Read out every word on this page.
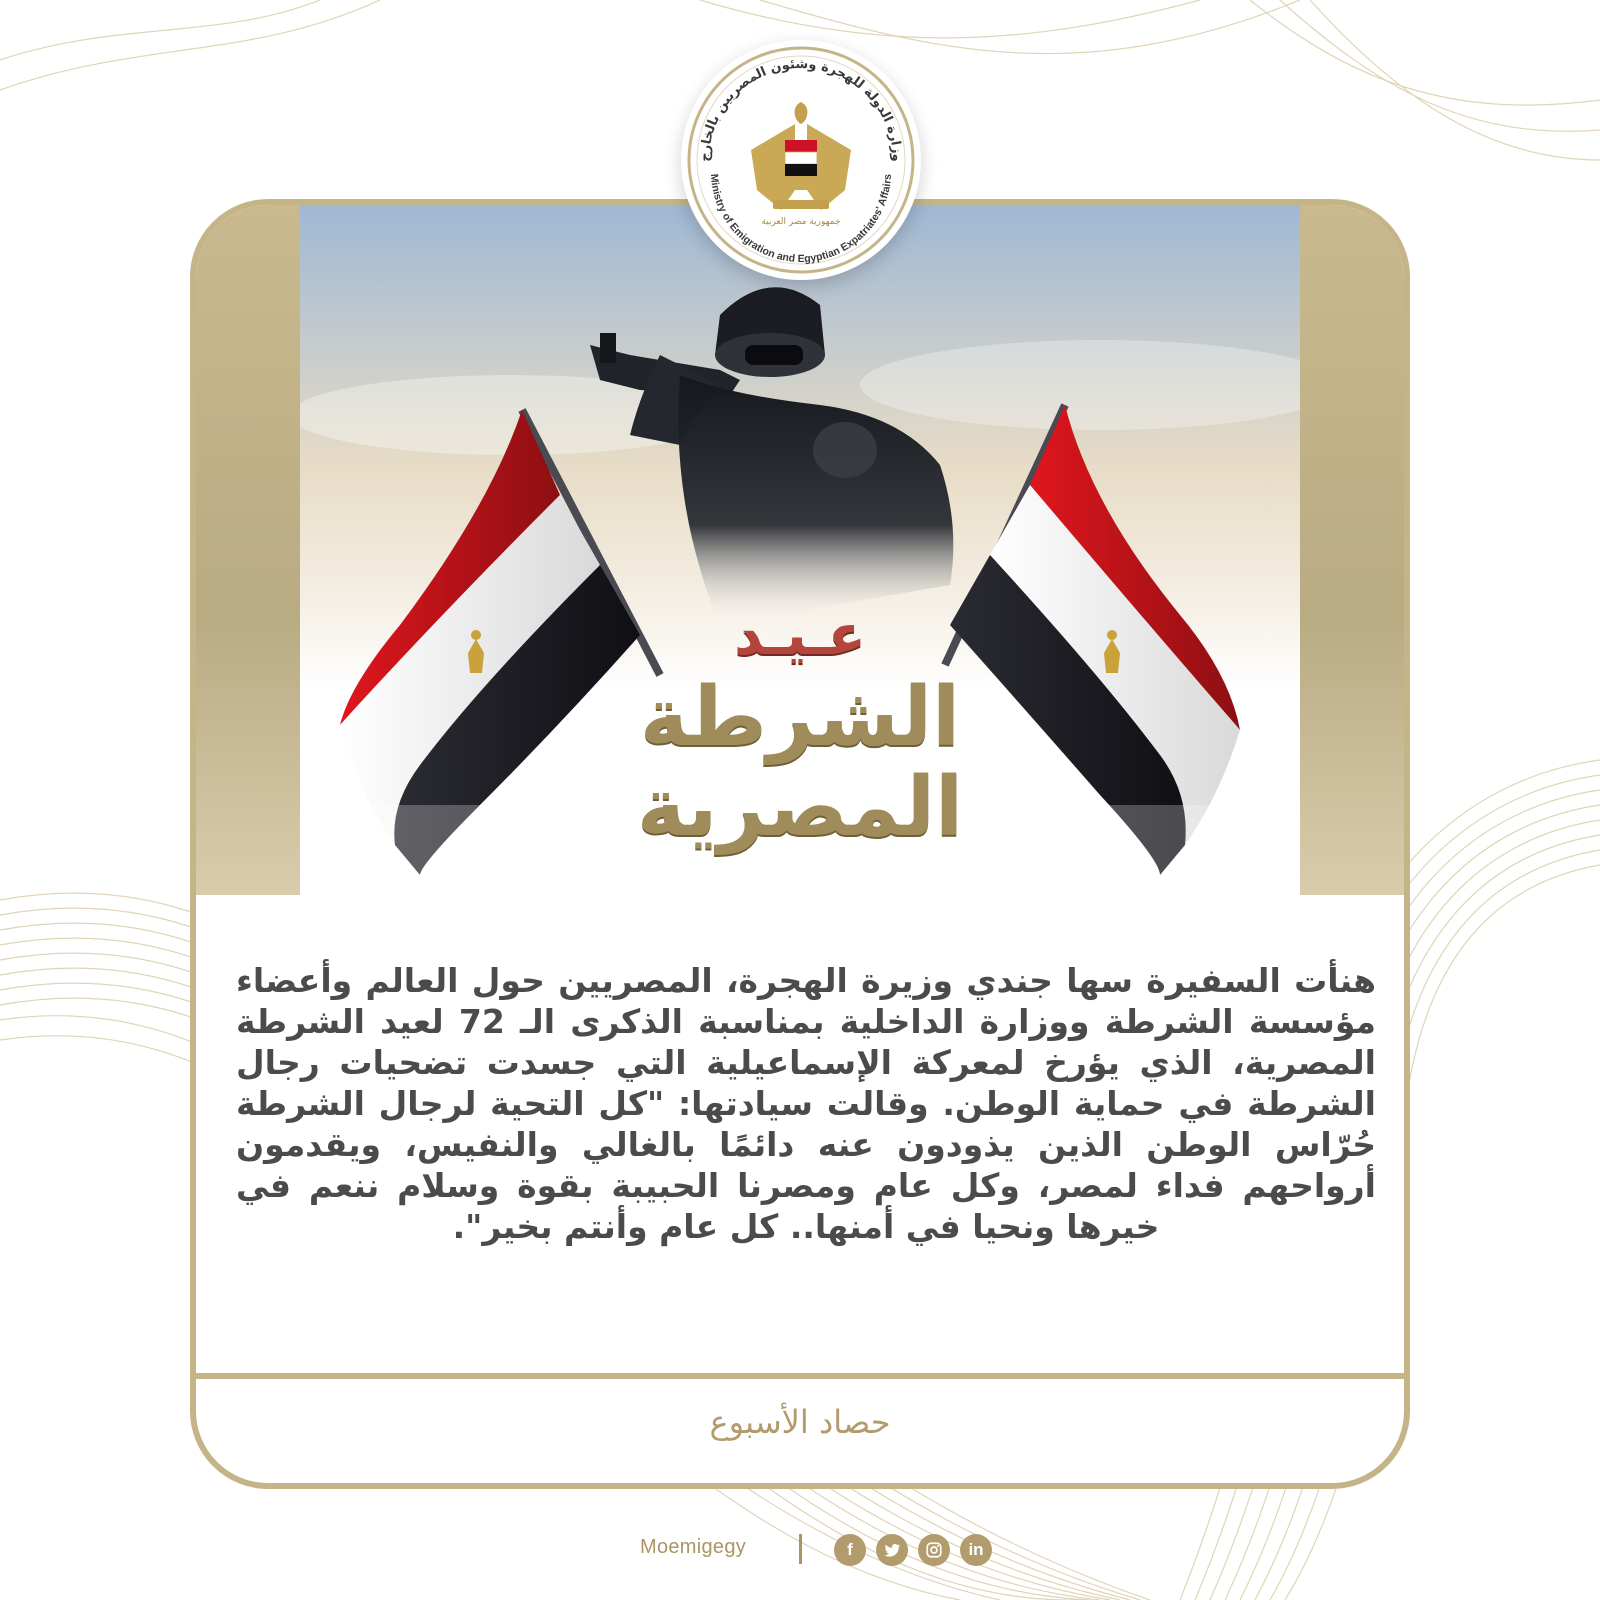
عـيـد
الشرطة
المصرية
هنأت السفيرة سها جندي وزيرة الهجرة، المصريين حول العالم وأعضاء مؤسسة الشرطة ووزارة الداخلية بمناسبة الذكرى الـ 72 لعيد الشرطة المصرية، الذي يؤرخ لمعركة الإسماعيلية التي جسدت تضحيات رجال الشرطة في حماية الوطن. وقالت سيادتها: "كل التحية لرجال الشرطة حُرّاس الوطن الذين يذودون عنه دائمًا بالغالي والنفيس، ويقدمون أرواحهم فداء لمصر، وكل عام ومصرنا الحبيبة بقوة وسلام ننعم في خيرها ونحيا في أمنها.. كل عام وأنتم بخير".
حصاد الأسبوع
وزارة الدولة للهجرة وشئون المصريين بالخارج
Ministry of Emigration and Egyptian Expatriates' Affairs
جمهورية مصر العربية
Moemigegy	f	in
